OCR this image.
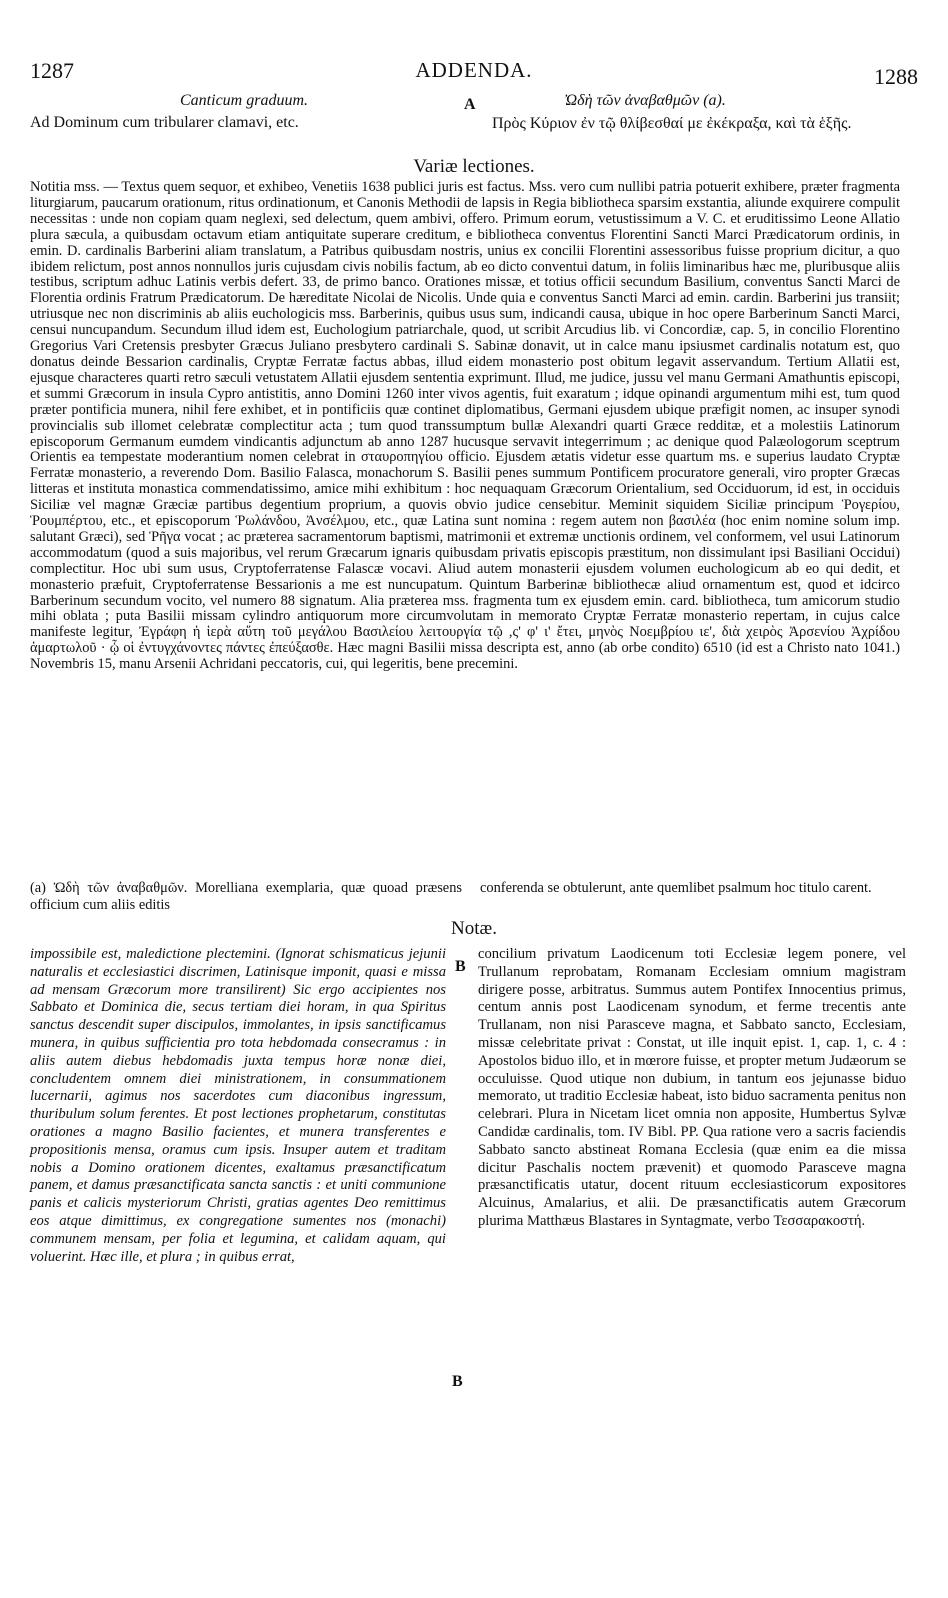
1287	ADDENDA.	1288
Canticum graduum.
Ad Dominum cum tribularer clamavi, etc.
A	Ὠδὴ τῶν ἀναβαθμῶν (a).
Πρὸς Κύριον ἐν τῷ θλίβεσθαί με ἐκέκραξα, καὶ τὰ ἑξῆς.
Variæ lectiones.

Notitia mss. — Textus quem sequor, et exhibeo, Venetiis 1638 publici juris est factus. Mss. vero cum nullibi patria potuerit exhibere, præter fragmenta liturgiarum, paucarum orationum, ritus ordinationum, et Canonis Methodii de lapsis in Regia bibliotheca sparsim exstantia, aliunde exquirere compulit necessitas : unde non copiam quam neglexi, sed delectum, quem ambivi, offero. Primum eorum, vetustissimum a V. C. et eruditissimo Leone Allatio plura sæcula, a quibusdam octavum etiam antiquitate superare creditum, e bibliotheca conventus Florentini Sancti Marci Prædicatorum ordinis, in emin. D. cardinalis Barberini aliam translatum, a Patribus quibusdam nostris, unius ex concilii Florentini assessoribus fuisse proprium dicitur, a quo ibidem relictum, post annos nonnullos juris cujusdam civis nobilis factum, ab eo dicto conventui datum, in foliis liminaribus hæc me, pluribusque aliis testibus, scriptum adhuc Latinis verbis defert. 33, de primo banco. Orationes missæ, et totius officii secundum Basilium, conventus Sancti Marci de Florentia ordinis Fratrum Prædicatorum. De hæreditate Nicolai de Nicolis. Unde quia e conventus Sancti Marci ad emin. cardin. Barberini jus transiit; utriusque nec non discriminis ab aliis euchologicis mss. Barberinis, quibus usus sum, indicandi causa, ubique in hoc opere Barberinum Sancti Marci, censui nuncupandum. Secundum illud idem est, Euchologium patriarchale, quod, ut scribit Arcudius lib. vi Concordiæ, cap. 5, in concilio Florentino Gregorius Vari Cretensis presbyter Græcus Juliano presbytero cardinali S. Sabinæ donavit, ut in calce manu ipsiusmet cardinalis notatum est, quo donatus deinde Bessarion cardinalis, Cryptæ Ferratæ factus abbas, illud eidem monasterio post obitum legavit asservandum. Tertium Allatii est, ejusque characteres quarti retro sæculi vetustatem Allatii ejusdem sententia exprimunt. Illud, me judice, jussu vel manu Germani Amathuntis episcopi, et summi Græcorum in insula Cypro antistitis, anno Domini 1260 inter vivos agentis, fuit exaratum ; idque opinandi argumentum mihi est, tum quod præter pontificia munera, nihil fere exhibet, et in pontificiis quæ continet diplomatibus, Germani ejusdem ubique præfigit nomen, ac insuper synodi provincialis sub illomet celebratæ complectitur acta ; tum quod transsumptum bullæ Alexandri quarti Græce redditæ, et a molestiis Latinorum episcoporum Germanum eumdem vindicantis adjunctum ab anno 1287 hucusque servavit integerrimum ; ac denique quod Palæologorum sceptrum Orientis ea tempestate moderantium nomen celebrat in σταυροπηγίου officio. Ejusdem ætatis videtur esse quartum ms. e superius laudato Cryptæ Ferratæ monasterio, a reverendo Dom. Basilio Falasca, monachorum S. Basilii penes summum Pontificem procuratore generali, viro propter Græcas litteras et instituta monastica commendatissimo, amice mihi exhibitum : hoc nequaquam Græcorum Orientalium, sed Occiduorum, id est, in occiduis Siciliæ vel magnæ Græciæ partibus degentium proprium, a quovis obvio judice censebitur. Meminit siquidem Siciliæ principum Ῥογερίου, Ῥουμπέρτου, etc., et episcoporum Ῥωλάνδου, Ἀνσέλμου, etc., quæ Latina sunt nomina : regem autem non βασιλέα (hoc enim nomine solum imp. salutant Græci), sed Ῥῆγα vocat ; ac præterea sacramentorum baptismi, matrimonii et extremæ unctionis ordinem, vel conformem, vel usui Latinorum accommodatum (quod a suis majoribus, vel rerum Græcarum ignaris quibusdam privatis episcopis præstitum, non dissimulant ipsi Basiliani Occidui) complectitur. Hoc ubi sum usus, Cryptoferratense Falascæ vocavi. Aliud autem monasterii ejusdem volumen euchologicum ab eo qui dedit, et monasterio præfuit, Cryptoferratense Bessarionis a me est nuncupatum. Quintum Barberinæ bibliothecæ aliud ornamentum est, quod et idcirco Barberinum secundum vocito, vel numero 88 signatum. Alia præterea mss. fragmenta tum ex ejusdem emin. card. bibliotheca, tum amicorum studio mihi oblata ; puta Basilii missam cylindro antiquorum more circumvolutam in memorato Cryptæ Ferratæ monasterio repertam, in cujus calce manifeste legitur, Ἐγράφη ἡ ἱερὰ αὕτη τοῦ μεγάλου Βασιλείου λειτουργία τῷ ,ς' φ' ι' ἔτει, μηνὸς Νοεμβρίου ιε', διὰ χειρὸς Ἀρσενίου Ἀχρίδου ἁμαρτωλοῦ · ᾧ οἱ ἐντυγχάνοντες πάντες ἐπεύξασθε. Hæc magni Basilii missa descripta est, anno (ab orbe condito) 6510 (id est a Christo nato 1041.) Novembris 15, manu Arsenii Achridani peccatoris, cui, qui legeritis, bene precemini.

(a) Ὠδὴ τῶν ἀναβαθμῶν. Morelliana exemplaria, quæ quoad præsens officium cum aliis editis
conferenda se obtulerunt, ante quemlibet psalmum hoc titulo carent.
Notæ.

impossibile est, maledictione plectemini. (Ignorat schismaticus jejunii naturalis et ecclesiastici discrimen, Latinisque imponit, quasi e missa ad mensam Græcorum more transilirent) Sic ergo accipientes nos Sabbato et Dominica die, secus tertiam diei horam, in qua Spiritus sanctus descendit super discipulos, immolantes, in ipsis sanctificamus munera, in quibus sufficientia pro tota hebdomada consecramus : in aliis autem diebus hebdomadis juxta tempus horæ nonæ diei, concludentem omnem diei ministrationem, in consummationem lucernarii, agimus nos sacerdotes cum diaconibus ingressum, thuribulum solum ferentes. Et post lectiones prophetarum, constitutas orationes a magno Basilio facientes, et munera transferentes e propositionis mensa, oramus cum ipsis. Insuper autem et traditam nobis a Domino orationem dicentes, exaltamus præsanctificatum panem, et damus præsanctificata sancta sanctis : et uniti communione panis et calicis mysteriorum Christi, gratias agentes Deo remittimus eos atque dimittimus, ex congregatione sumentes nos (monachi) communem mensam, per folia et legumina, et calidam aquam, qui voluerint. Hæc ille, et plura ; in quibus errat,

B
B

concilium privatum Laodicenum toti Ecclesiæ legem ponere, vel Trullanum reprobatam, Romanam Ecclesiam omnium magistram dirigere posse, arbitratus. Summus autem Pontifex Innocentius primus, centum annis post Laodicenam synodum, et ferme trecentis ante Trullanam, non nisi Parasceve magna, et Sabbato sancto, Ecclesiam, missæ celebritate privat : Constat, ut ille inquit epist. 1, cap. 1, c. 4 : Apostolos biduo illo, et in mœrore fuisse, et propter metum Judæorum se occuluisse. Quod utique non dubium, in tantum eos jejunasse biduo memorato, ut traditio Ecclesiæ habeat, isto biduo sacramenta penitus non celebrari. Plura in Nicetam licet omnia non apposite, Humbertus Sylvæ Candidæ cardinalis, tom. IV Bibl. PP. Qua ratione vero a sacris faciendis Sabbato sancto abstineat Romana Ecclesia (quæ enim ea die missa dicitur Paschalis noctem prævenit) et quomodo Parasceve magna præsanctificatis utatur, docent rituum ecclesiasticorum expositores Alcuinus, Amalarius, et alii. De præsanctificatis autem Græcorum plurima Matthæus Blastares in Syntagmate, verbo Τεσσαρακοστή.
